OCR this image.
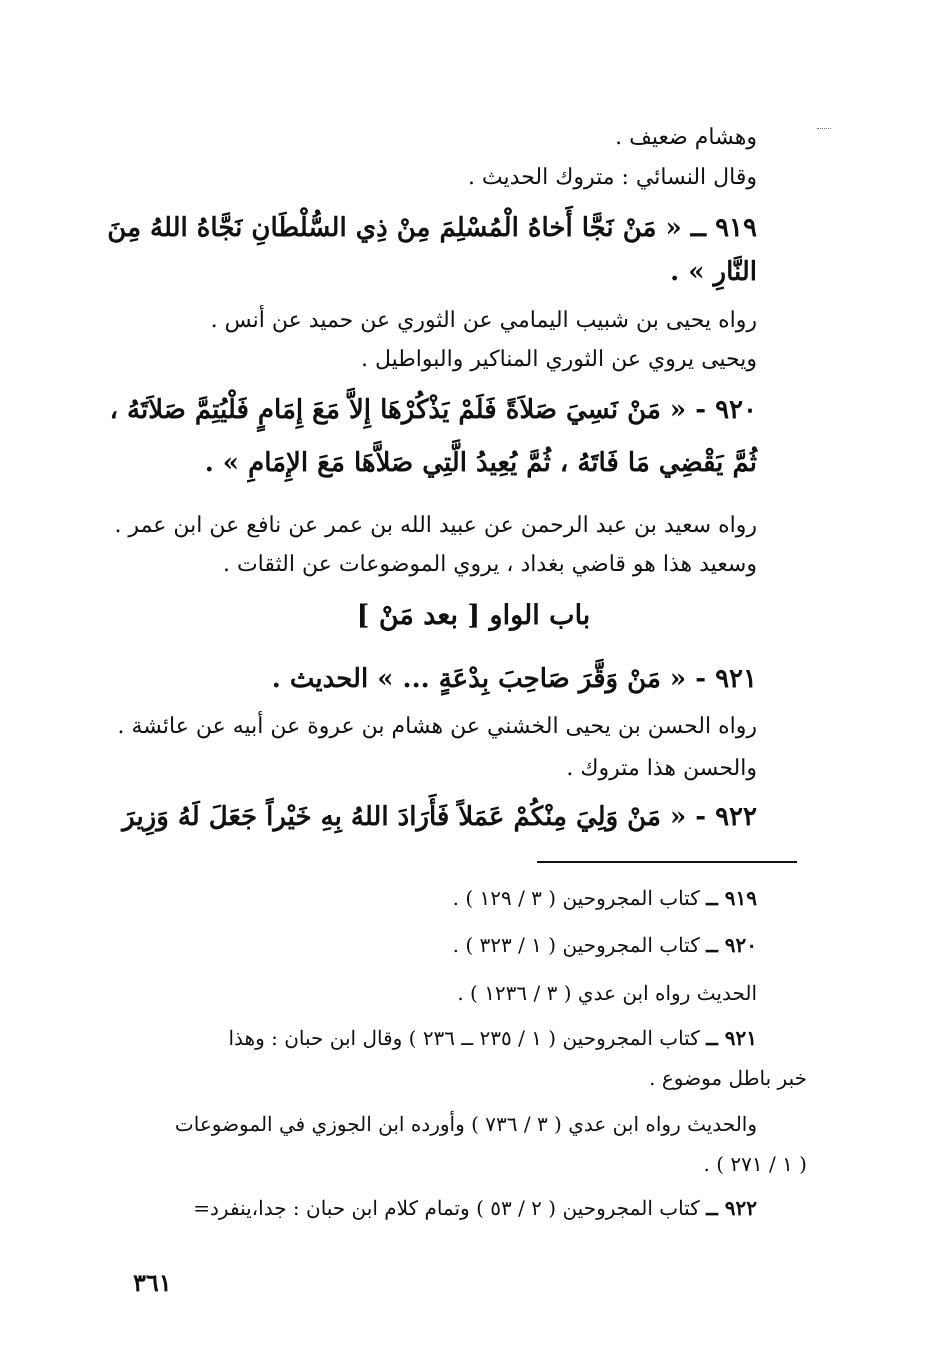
وهشام ضعيف .
وقال النسائي : متروك الحديث .
٩١٩ ــ « مَنْ نَجَّا أَخاهُ الْمُسْلِمَ مِنْ ذِي السُّلْطَانِ نَجَّاهُ اللهُ مِنَ
النَّارِ » .
رواه يحيى بن شبيب اليمامي عن الثوري عن حميد عن أنس .
ويحيى يروي عن الثوري المناكير والبواطيل .
٩٢٠ - « مَنْ نَسِيَ صَلاَةً فَلَمْ يَذْكُرْهَا إِلاَّ مَعَ إِمَامٍ فَلْيُتِمَّ صَلاَتَهُ ،
ثُمَّ يَقْضِي مَا فَاتَهُ ، ثُمَّ يُعِيدُ الَّتِي صَلاَّهَا مَعَ الإِمَامِ » .
رواه سعيد بن عبد الرحمن عن عبيد الله بن عمر عن نافع عن ابن عمر .
وسعيد هذا هو قاضي بغداد ، يروي الموضوعات عن الثقات .
باب الواو [ بعد مَنْ ]
٩٢١ - « مَنْ وَقَّرَ صَاحِبَ بِدْعَةٍ ... » الحديث .
رواه الحسن بن يحيى الخشني عن هشام بن عروة عن أبيه عن عائشة .
والحسن هذا متروك .
٩٢٢ - « مَنْ وَلِيَ مِنْكُمْ عَمَلاً فَأَرَادَ اللهُ بِهِ خَيْراً جَعَلَ لَهُ وَزِيرَ
٩١٩ ــ كتاب المجروحين ( ٣ / ١٢٩ ) .
٩٢٠ ــ كتاب المجروحين ( ١ / ٣٢٣ ) .
الحديث رواه ابن عدي ( ٣ / ١٢٣٦ ) .
٩٢١ ــ كتاب المجروحين ( ١ / ٢٣٥ ــ ٢٣٦ ) وقال ابن حبان : وهذا
خبر باطل موضوع .
والحديث رواه ابن عدي ( ٣ / ٧٣٦ ) وأورده ابن الجوزي في الموضوعات
( ١ / ٢٧١ ) .
٩٢٢ ــ كتاب المجروحين ( ٢ / ٥٣ ) وتمام كلام ابن حبان : جدا،ينفرد=
٣٦١
